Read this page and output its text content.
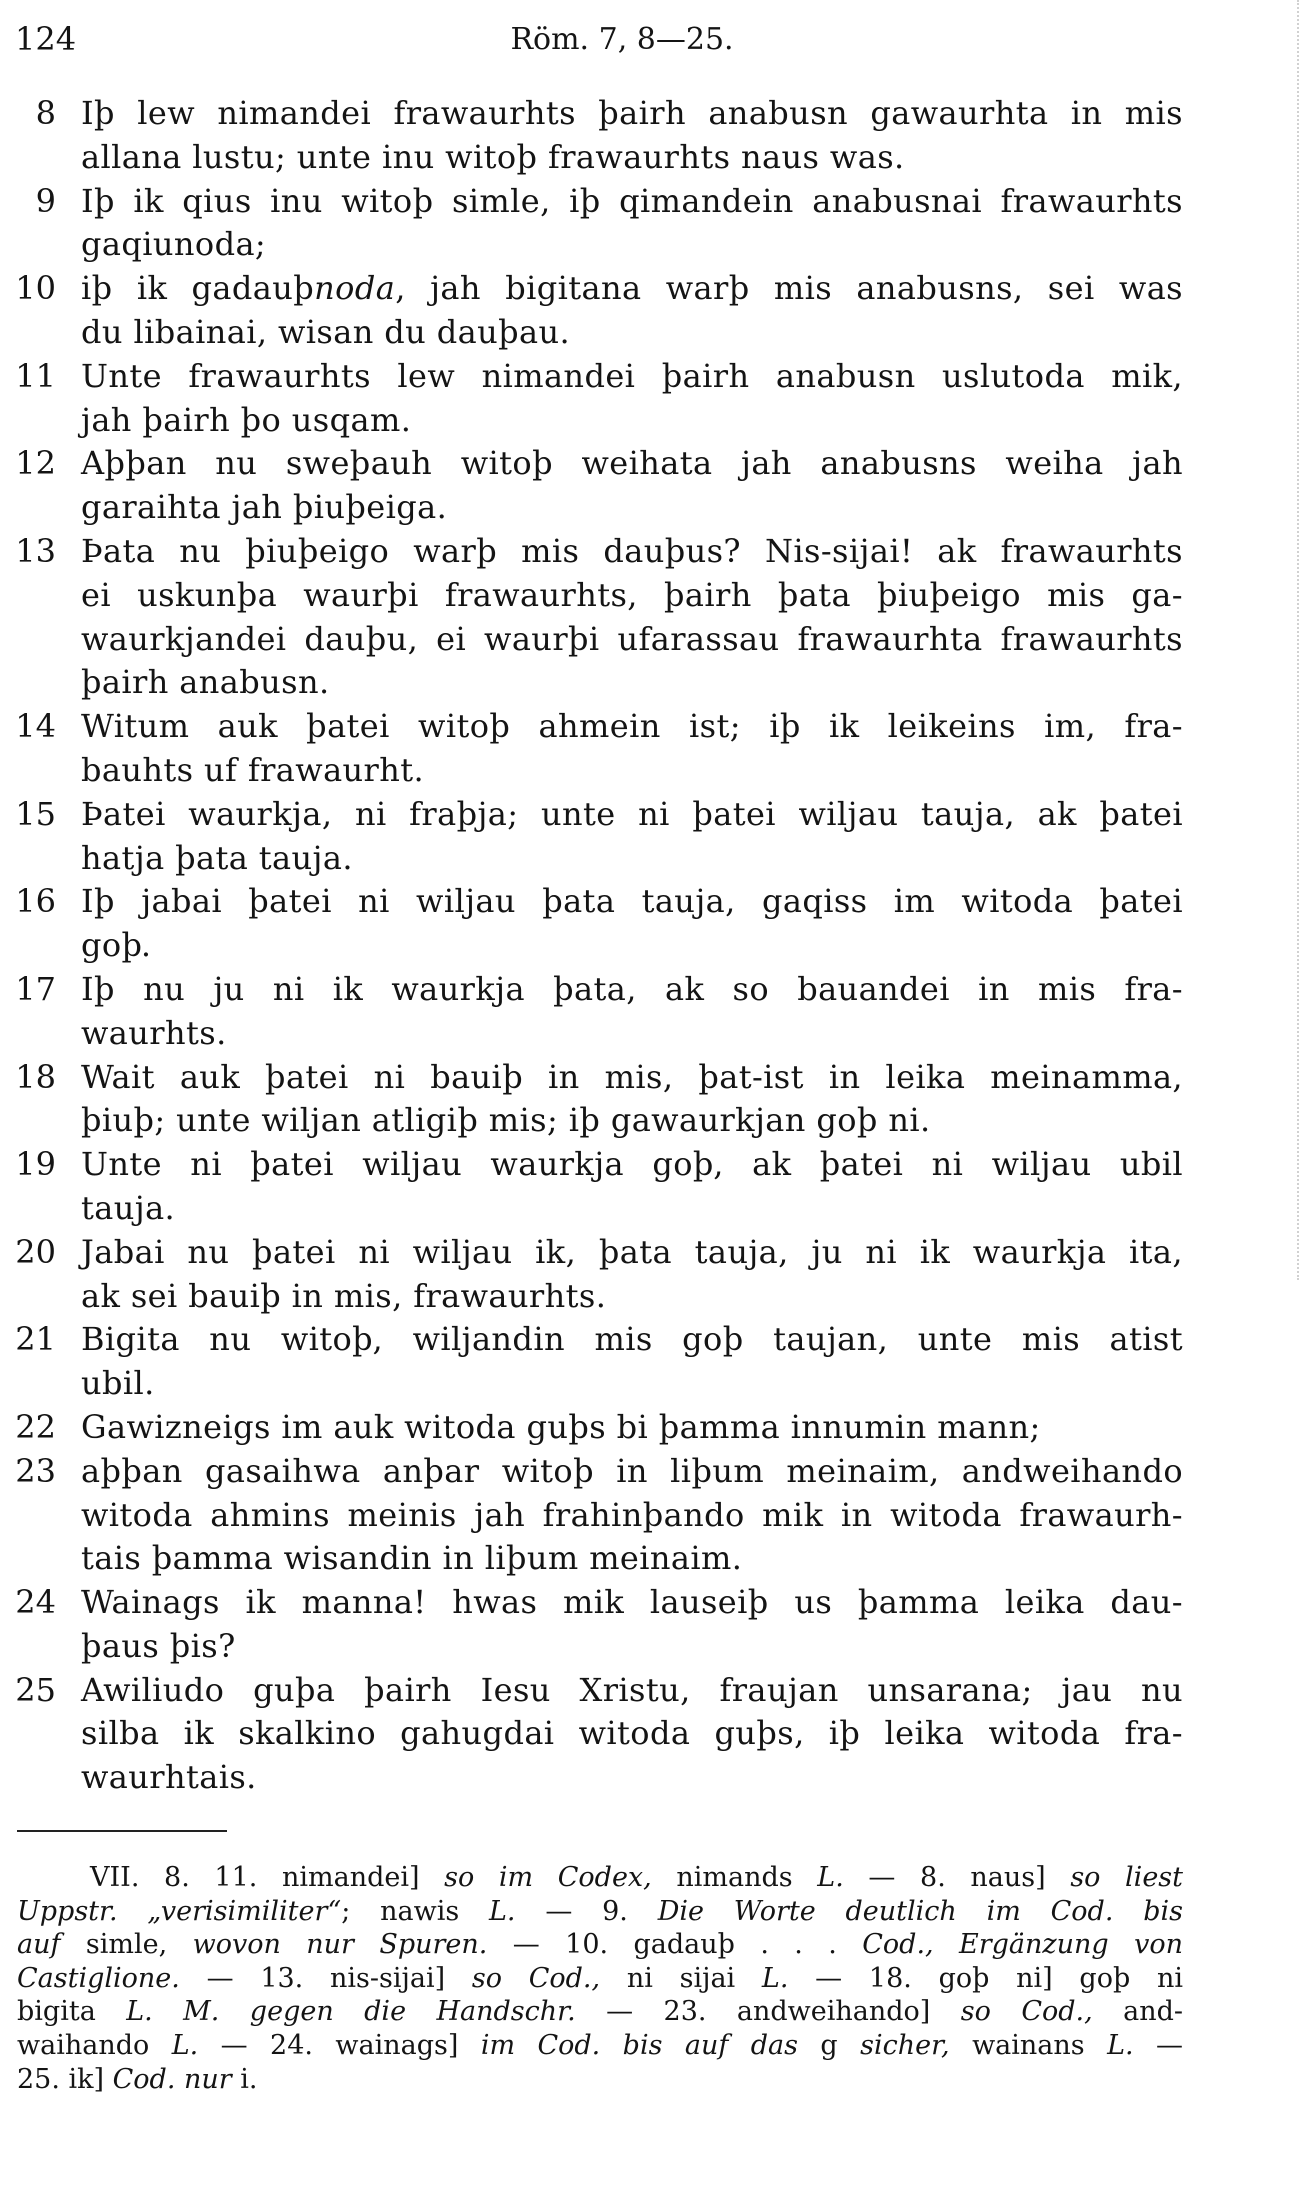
124	Röm. 7, 8—25.
8 Iþ lew nimandei frawaurhts þairh anabusn gawaurhta in mis
allana lustu; unte inu witoþ frawaurhts naus was.
9 Iþ ik qius inu witoþ simle, iþ qimandein anabusnai frawaurhts
gaqiunoda;
10 iþ ik gadauþnoda, jah bigitana warþ mis anabusns, sei was
du libainai, wisan du dauþau.
11 Unte frawaurhts lew nimandei þairh anabusn uslutoda mik,
jah þairh þo usqam.
12 Aþþan nu sweþauh witoþ weihata jah anabusns weiha jah
garaihta jah þiuþeiga.
13 Þata nu þiuþeigo warþ mis dauþus? Nis-sijai! ak frawaurhts
ei uskunþa waurþi frawaurhts, þairh þata þiuþeigo mis ga-
waurkjandei dauþu, ei waurþi ufarassau frawaurhta frawaurhts
þairh anabusn.
14 Witum auk þatei witoþ ahmein ist; iþ ik leikeins im, fra-
bauhts uf frawaurht.
15 Þatei waurkja, ni fraþja; unte ni þatei wiljau tauja, ak þatei
hatja þata tauja.
16 Iþ jabai þatei ni wiljau þata tauja, gaqiss im witoda þatei
goþ.
17 Iþ nu ju ni ik waurkja þata, ak so bauandei in mis fra-
waurhts.
18 Wait auk þatei ni bauiþ in mis, þat-ist in leika meinamma,
þiuþ; unte wiljan atligiþ mis; iþ gawaurkjan goþ ni.
19 Unte ni þatei wiljau waurkja goþ, ak þatei ni wiljau ubil
tauja.
20 Jabai nu þatei ni wiljau ik, þata tauja, ju ni ik waurkja ita,
ak sei bauiþ in mis, frawaurhts.
21 Bigita nu witoþ, wiljandin mis goþ taujan, unte mis atist
ubil.
22 Gawizneigs im auk witoda guþs bi þamma innumin mann;
23 aþþan gasaihwa anþar witoþ in liþum meinaim, andweihando
witoda ahmins meinis jah frahinþando mik in witoda frawaurh-
tais þamma wisandin in liþum meinaim.
24 Wainags ik manna! hwas mik lauseiþ us þamma leika dau-
þaus þis?
25 Awiliudo guþa þairh Iesu Xristu, fraujan unsarana; jau nu
silba ik skalkino gahugdai witoda guþs, iþ leika witoda fra-
waurhtais.
VII. 8. 11. nimandei] so im Codex, nimands L. — 8. naus] so liest
Uppstr. „verisimiliter“; nawis L. — 9. Die Worte deutlich im Cod. bis
auf simle, wovon nur Spuren. — 10. gadauþ . . . Cod., Ergänzung von
Castiglione. — 13. nis-sijai] so Cod., ni sijai L. — 18. goþ ni] goþ ni
bigita L. M. gegen die Handschr. — 23. andweihando] so Cod., and-
waihando L. — 24. wainags] im Cod. bis auf das g sicher, wainans L. —
25. ik] Cod. nur i.
